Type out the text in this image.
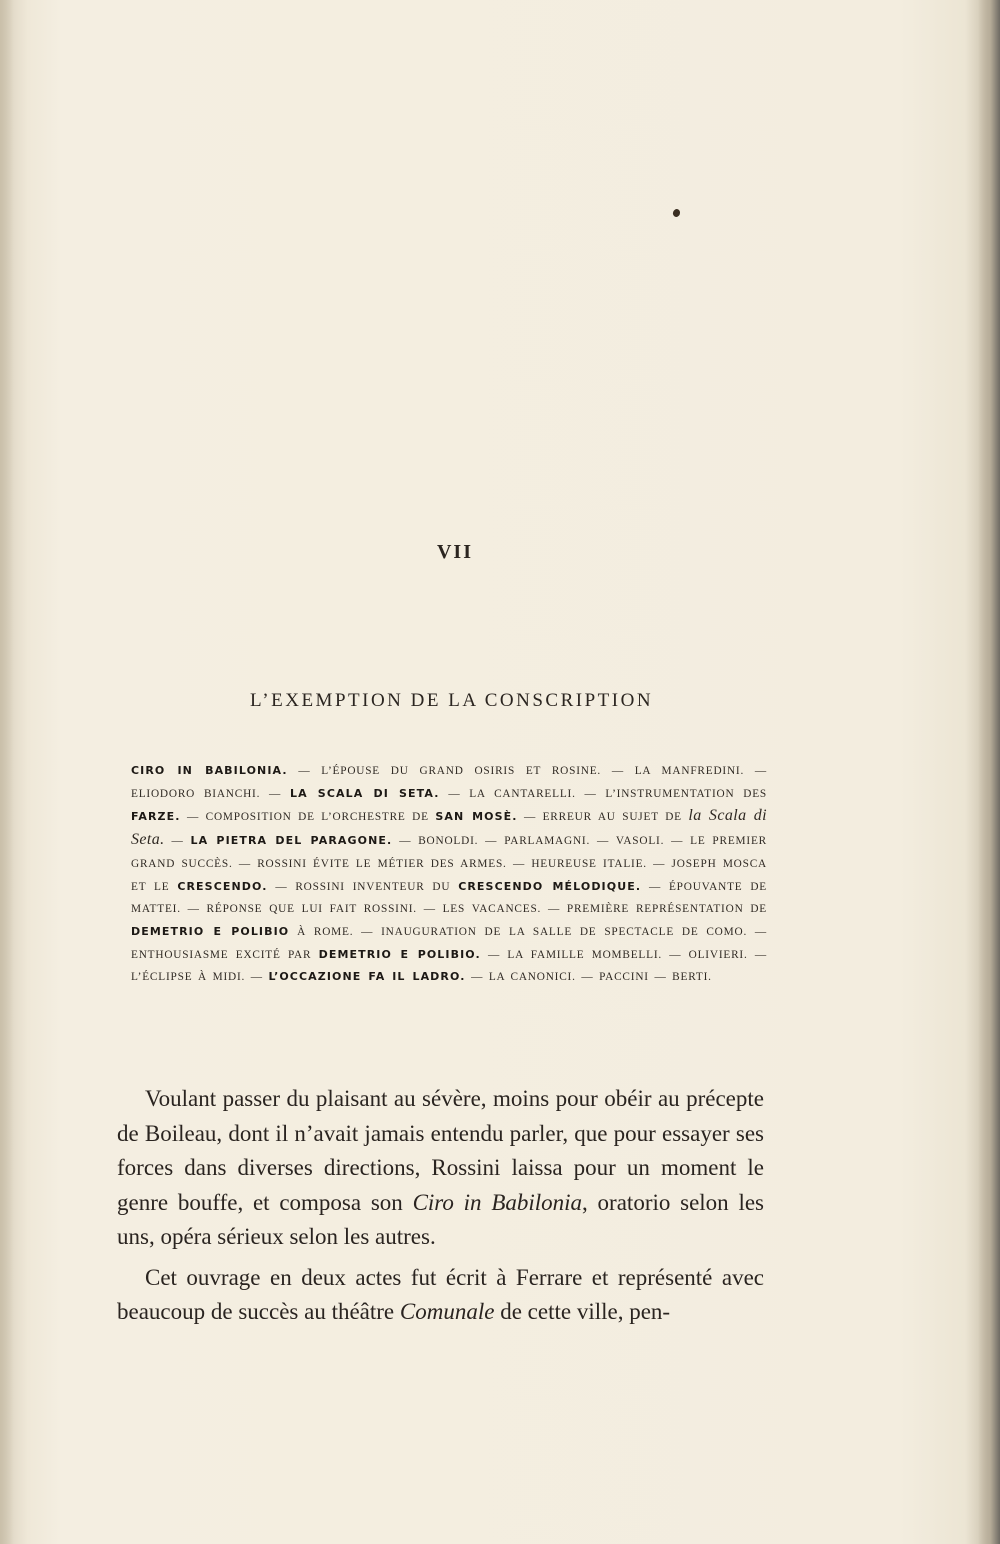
VII
L’EXEMPTION DE LA CONSCRIPTION

CIRO IN BABILONIA. — L’ÉPOUSE DU GRAND OSIRIS ET ROSINE. — LA MANFREDINI. — ELIODORO BIANCHI. — LA SCALA DI SETA. — LA CANTARELLI. — L’INSTRUMENTATION DES FARZE. — COMPOSITION DE L’ORCHESTRE DE SAN MOSÈ. — ERREUR AU SUJET DE la Scala di Seta. — LA PIETRA DEL PARAGONE. — BONOLDI. — PARLAMAGNI. — VASOLI. — LE PREMIER GRAND SUCCÈS. — ROSSINI ÉVITE LE MÉTIER DES ARMES. — HEUREUSE ITALIE. — JOSEPH MOSCA ET LE CRESCENDO. — ROSSINI INVENTEUR DU CRESCENDO MÉLODIQUE. — ÉPOUVANTE DE MATTEI. — RÉPONSE QUE LUI FAIT ROSSINI. — LES VACANCES. — PREMIÈRE REPRÉSENTATION DE DEMETRIO E POLIBIO À ROME. — INAUGURATION DE LA SALLE DE SPECTACLE DE COMO. — ENTHOUSIASME EXCITÉ PAR DEMETRIO E POLIBIO. — LA FAMILLE MOMBELLI. — OLIVIERI. — L’ÉCLIPSE À MIDI. — L’OCCAZIONE FA IL LADRO. — LA CANONICI. — PACCINI — BERTI.

Voulant passer du plaisant au sévère, moins pour obéir au précepte de Boileau, dont il n’avait jamais entendu parler, que pour essayer ses forces dans diverses directions, Rossini laissa pour un moment le genre bouffe, et composa son Ciro in Babilonia, oratorio selon les uns, opéra sérieux selon les autres.

Cet ouvrage en deux actes fut écrit à Ferrare et représenté avec beaucoup de succès au théâtre Comunale de cette ville, pen-
